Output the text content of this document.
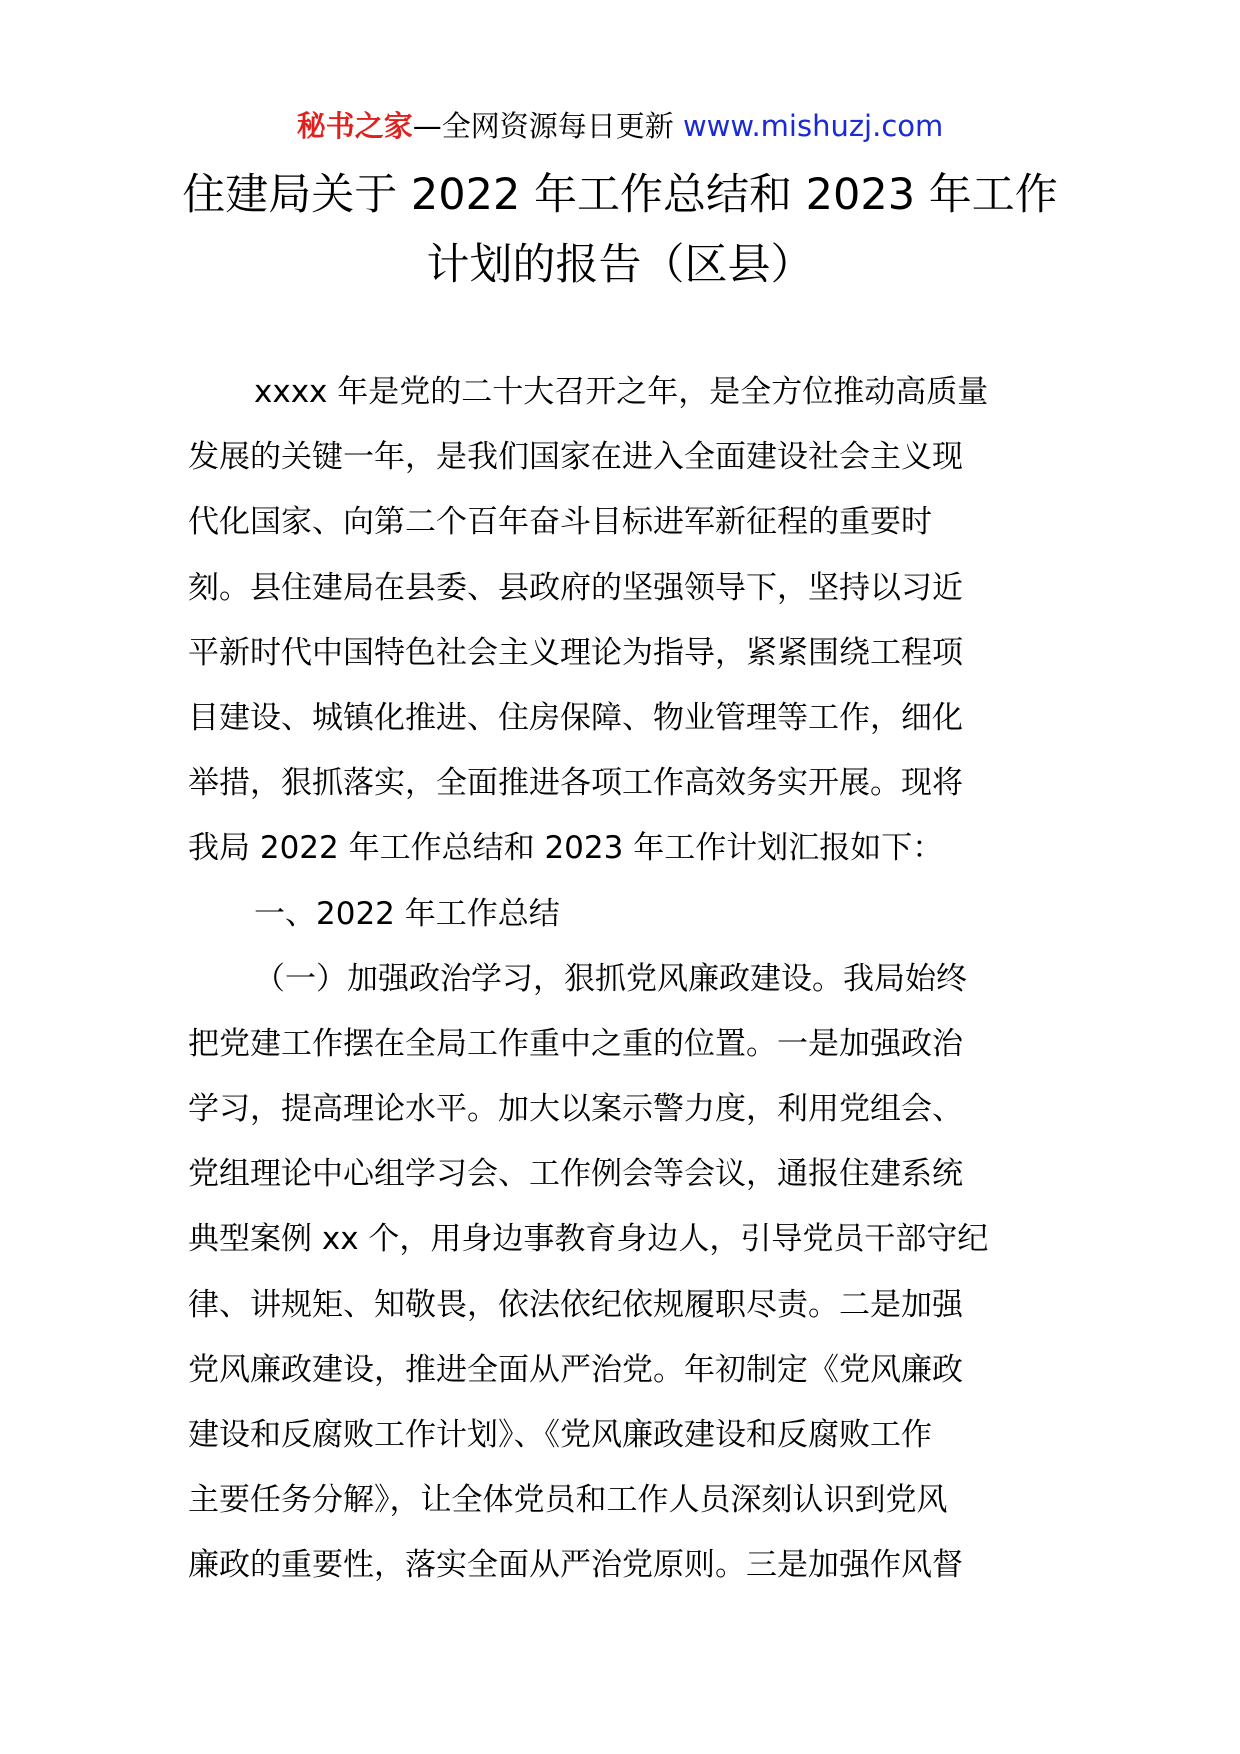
秘书之家—全网资源每日更新 www.mishuzj.com
住建局关于 2022 年工作总结和 2023 年工作
计划的报告（区县）
xxxx 年是党的二十大召开之年，是全方位推动高质量
发展的关键一年，是我们国家在进入全面建设社会主义现
代化国家、向第二个百年奋斗目标进军新征程的重要时
刻。县住建局在县委、县政府的坚强领导下，坚持以习近
平新时代中国特色社会主义理论为指导，紧紧围绕工程项
目建设、城镇化推进、住房保障、物业管理等工作，细化
举措，狠抓落实，全面推进各项工作高效务实开展。现将
我局 2022 年工作总结和 2023 年工作计划汇报如下：
一、2022 年工作总结
（一）加强政治学习，狠抓党风廉政建设。我局始终
把党建工作摆在全局工作重中之重的位置。一是加强政治
学习，提高理论水平。加大以案示警力度，利用党组会、
党组理论中心组学习会、工作例会等会议，通报住建系统
典型案例 xx 个，用身边事教育身边人，引导党员干部守纪
律、讲规矩、知敬畏，依法依纪依规履职尽责。二是加强
党风廉政建设，推进全面从严治党。年初制定《党风廉政
建设和反腐败工作计划》、《党风廉政建设和反腐败工作
主要任务分解》，让全体党员和工作人员深刻认识到党风
廉政的重要性，落实全面从严治党原则。三是加强作风督
